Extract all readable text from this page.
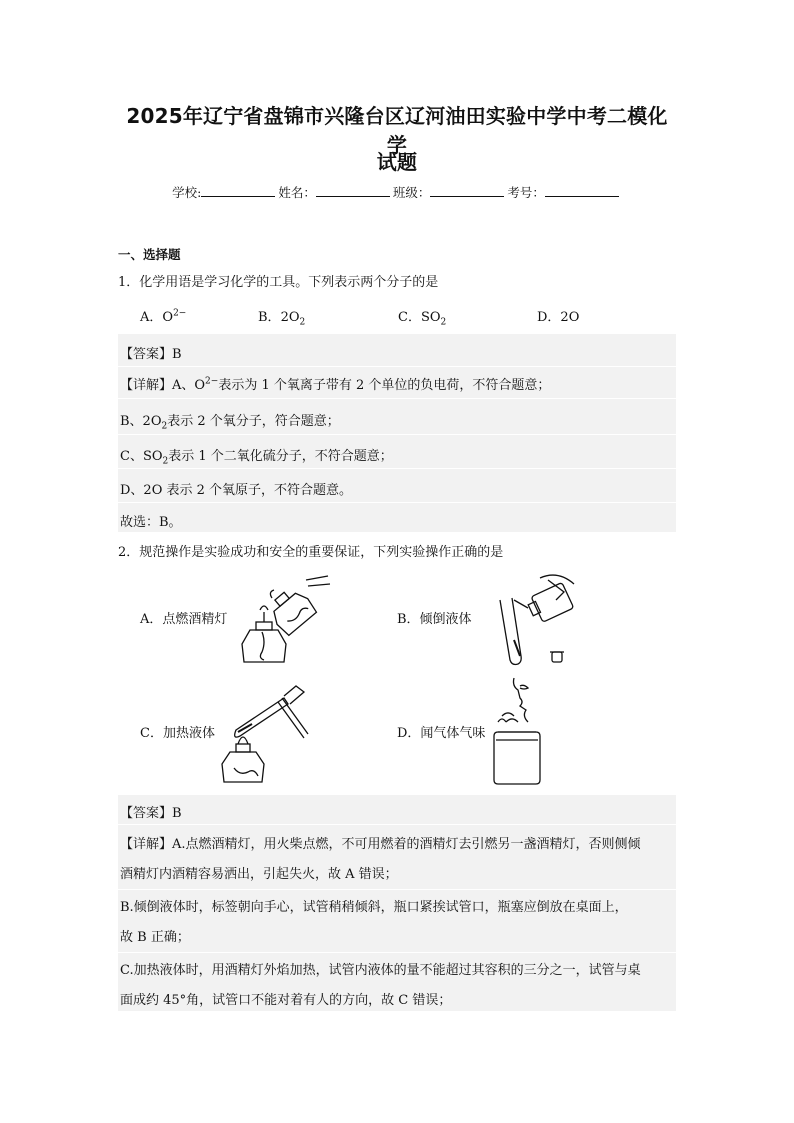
2025年辽宁省盘锦市兴隆台区辽河油田实验中学中考二模化学
试题
学校:	姓名：	班级：	考号：
一、选择题
1．化学用语是学习化学的工具。下列表示两个分子的是
A．$O^{2-}$	B．$2O_2$	C．$SO_2$	D．2O
【答案】B
【详解】A、$O^{2-}$表示为 1 个氧离子带有 2 个单位的负电荷，不符合题意；
B、$2O_2$表示 2 个氧分子，符合题意；
C、$SO_2$表示 1 个二氧化硫分子，不符合题意；
D、2O 表示 2 个氧原子，不符合题意。
故选：B。
2．规范操作是实验成功和安全的重要保证，下列实验操作正确的是
A．点燃酒精灯	B．倾倒液体
C．加热液体	D．闻气体气味
【答案】B
【详解】A.点燃酒精灯，用火柴点燃，不可用燃着的酒精灯去引燃另一盏酒精灯，否则侧倾
酒精灯内酒精容易洒出，引起失火，故 A 错误；
B.倾倒液体时，标签朝向手心，试管稍稍倾斜，瓶口紧挨试管口，瓶塞应倒放在桌面上，
故 B 正确；
C.加热液体时，用酒精灯外焰加热，试管内液体的量不能超过其容积的三分之一，试管与桌
面成约 45°角，试管口不能对着有人的方向，故 C 错误；
